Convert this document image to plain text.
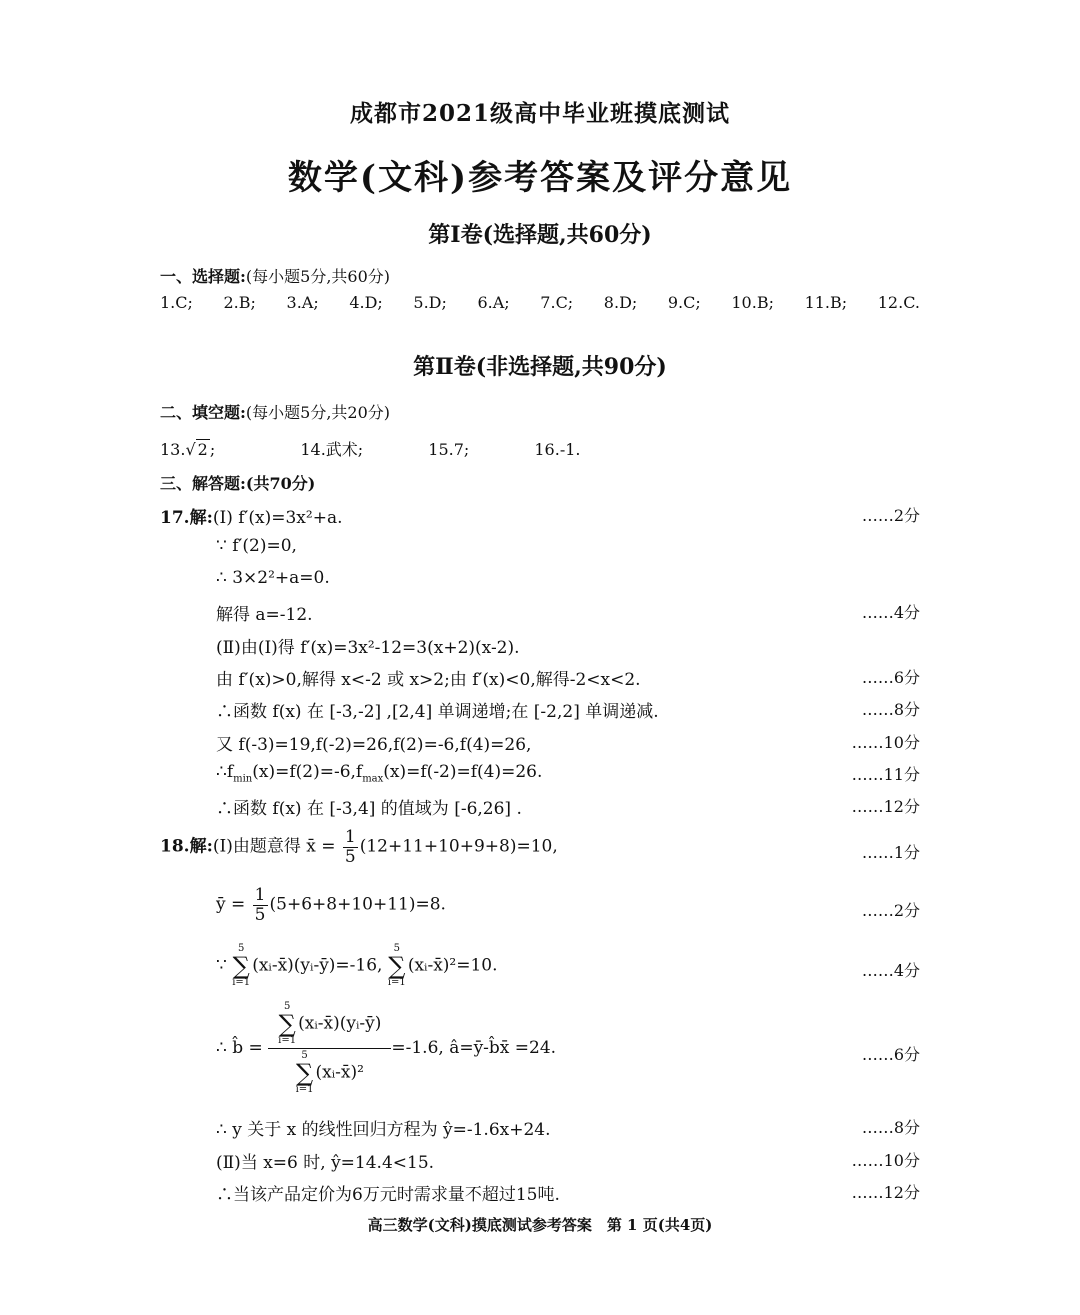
成都市2021级高中毕业班摸底测试
数学(文科)参考答案及评分意见
第Ⅰ卷(选择题,共60分)
一、选择题:(每小题5分,共60分)
1.C; 2.B; 3.A; 4.D; 5.D; 6.A; 7.C; 8.D; 9.C; 10.B; 11.B; 12.C.
第Ⅱ卷(非选择题,共90分)
二、填空题:(每小题5分,共20分)
13.√ 2 ;	14.武术;	15.7;	16.-1.
三、解答题:(共70分)
17.解:(Ⅰ) f′(x)=3x²+a.	……2分
∵ f′(2)=0,
∴ 3×2²+a=0.
解得 a=-12.	……4分
(Ⅱ)由(Ⅰ)得 f′(x)=3x²-12=3(x+2)(x-2).
由 f′(x)>0,解得 x<-2 或 x>2;由 f′(x)<0,解得-2<x<2.	……6分
∴函数 f(x) 在 [-3,-2] ,[2,4] 单调递增;在 [-2,2] 单调递减.	……8分
又 f(-3)=19,f(-2)=26,f(2)=-6,f(4)=26,	……10分
$\therefore f_{min}(x)=f(2)=-6,f_{max}(x)=f(-2)=f(4)=26$.	……11分
∴函数 f(x) 在 [-3,4] 的值域为 [-6,26] .	……12分
18.解:(Ⅰ)由题意得 x̄ = $\frac{1}{5} (12+11+10+9+8)=10$,	……1分
ȳ = $\frac{1}{5} (5+6+8+10+11)=8$.	……2分
∵ 5
∑
i=1(xᵢ-x̄)(yᵢ-ȳ)=-16, 5
∑
i=1(xᵢ-x̄)²=10.	……4分
∴ b̂ = 5
∑
i=1(xᵢ-x̄)(yᵢ-ȳ)
5
∑
i=1(xᵢ-x̄)² =-1.6, â=ȳ-b̂x̄ =24.	……6分
∴ y 关于 x 的线性回归方程为 ŷ=-1.6x+24.	……8分
(Ⅱ)当 x=6 时, ŷ=14.4<15.	……10分
∴当该产品定价为6万元时需求量不超过15吨.	……12分
高三数学(文科)摸底测试参考答案　第 1 页(共4页)
